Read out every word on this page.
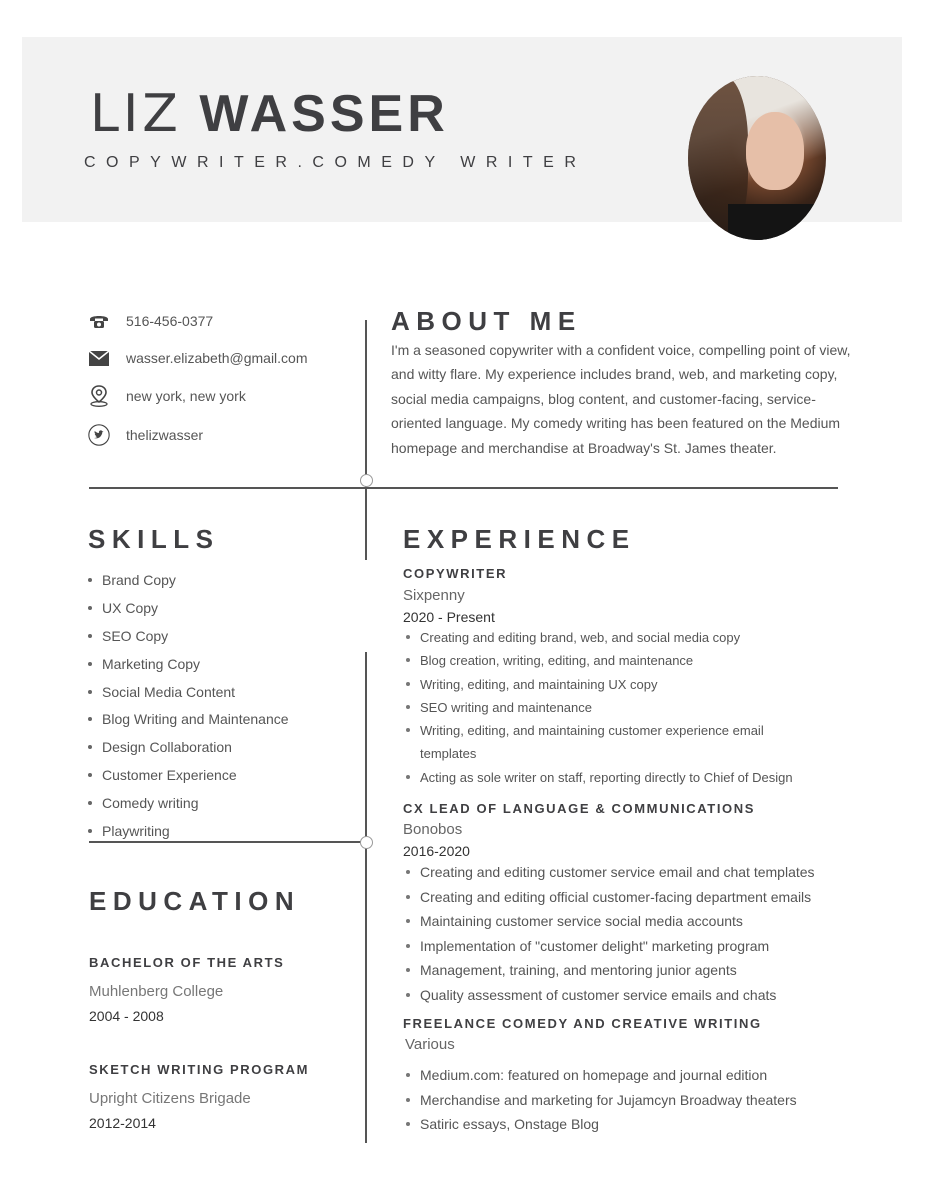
LIZ WASSER
COPYWRITER.COMEDY WRITER
516-456-0377
wasser.elizabeth@gmail.com
new york, new york
thelizwasser
ABOUT ME
I'm a seasoned copywriter with a confident voice, compelling point of view, and witty flare. My experience includes brand, web, and marketing copy, social media campaigns, blog content, and customer-facing, service-oriented language. My comedy writing has been featured on the Medium homepage and merchandise at Broadway's St. James theater.
SKILLS
Brand Copy
UX Copy
SEO Copy
Marketing Copy
Social Media Content
Blog Writing and Maintenance
Design Collaboration
Customer Experience
Comedy writing
Playwriting
EDUCATION
BACHELOR OF THE ARTS
Muhlenberg College
2004 - 2008
SKETCH WRITING PROGRAM
Upright Citizens Brigade
2012-2014
EXPERIENCE
COPYWRITER
Sixpenny
2020 - Present
Creating and editing brand, web, and social media copy
Blog creation, writing, editing, and maintenance
Writing, editing, and maintaining UX copy
SEO writing and maintenance
Writing, editing, and maintaining customer experience email templates
Acting as sole writer on staff, reporting directly to Chief of Design
CX LEAD OF LANGUAGE & COMMUNICATIONS
Bonobos
2016-2020
Creating and editing customer service email and chat templates
Creating and editing official customer-facing department emails
Maintaining customer service social media accounts
Implementation of "customer delight" marketing program
Management, training, and mentoring junior agents
Quality assessment of customer service emails and chats
FREELANCE COMEDY AND CREATIVE WRITING
Various
Medium.com: featured on homepage and journal edition
Merchandise and marketing for Jujamcyn Broadway theaters
Satiric essays, Onstage Blog
